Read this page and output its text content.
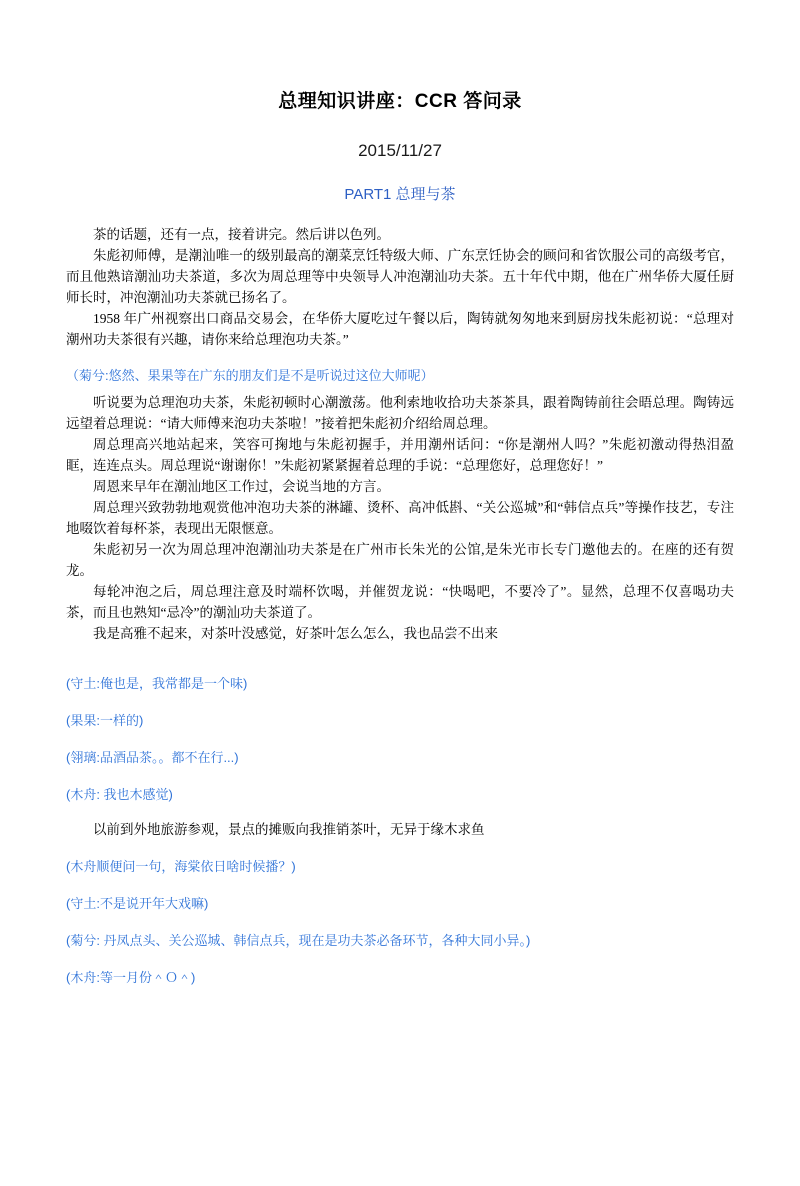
总理知识讲座：CCR 答问录
2015/11/27
PART1 总理与茶

茶的话题，还有一点，接着讲完。然后讲以色列。

朱彪初师傅，是潮汕唯一的级别最高的潮菜烹饪特级大师、广东烹饪协会的顾问和省饮服公司的高级考官，而且他熟谙潮汕功夫茶道，多次为周总理等中央领导人冲泡潮汕功夫茶。五十年代中期，他在广州华侨大厦任厨师长时，冲泡潮汕功夫茶就已扬名了。

1958 年广州视察出口商品交易会，在华侨大厦吃过午餐以后，陶铸就匆匆地来到厨房找朱彪初说：“总理对潮州功夫茶很有兴趣，请你来给总理泡功夫茶。”

（菊兮:悠然、果果等在广东的朋友们是不是听说过这位大师呢）

听说要为总理泡功夫茶，朱彪初顿时心潮激荡。他利索地收拾功夫茶茶具，跟着陶铸前往会晤总理。陶铸远远望着总理说：“请大师傅来泡功夫茶啦！”接着把朱彪初介绍给周总理。

周总理高兴地站起来，笑容可掬地与朱彪初握手，并用潮州话问：“你是潮州人吗？”朱彪初激动得热泪盈眶，连连点头。周总理说“谢谢你！”朱彪初紧紧握着总理的手说：“总理您好，总理您好！”

周恩来早年在潮汕地区工作过，会说当地的方言。

周总理兴致勃勃地观赏他冲泡功夫茶的淋罐、烫杯、高冲低斟、“关公巡城”和“韩信点兵”等操作技艺，专注地啜饮着每杯茶，表现出无限惬意。

朱彪初另一次为周总理冲泡潮汕功夫茶是在广州市长朱光的公馆,是朱光市长专门邀他去的。在座的还有贺龙。

每轮冲泡之后，周总理注意及时端杯饮喝，并催贺龙说：“快喝吧，不要冷了”。显然，总理不仅喜喝功夫茶，而且也熟知“忌冷”的潮汕功夫茶道了。

我是高雅不起来，对茶叶没感觉，好茶叶怎么怎么，我也品尝不出来

(守土:俺也是，我常都是一个味)

(果果:一样的)

(翎璃:品酒品茶。。都不在行...)

(木舟: 我也木感觉)

以前到外地旅游参观，景点的摊贩向我推销茶叶，无异于缘木求鱼

(木舟顺便问一句，海棠依日啥时候播？)

(守土:不是说开年大戏嘛)

(菊兮: 丹凤点头、关公巡城、韩信点兵，现在是功夫茶必备环节，各种大同小异。)

(木舟:等一月份＾Ｏ＾)
